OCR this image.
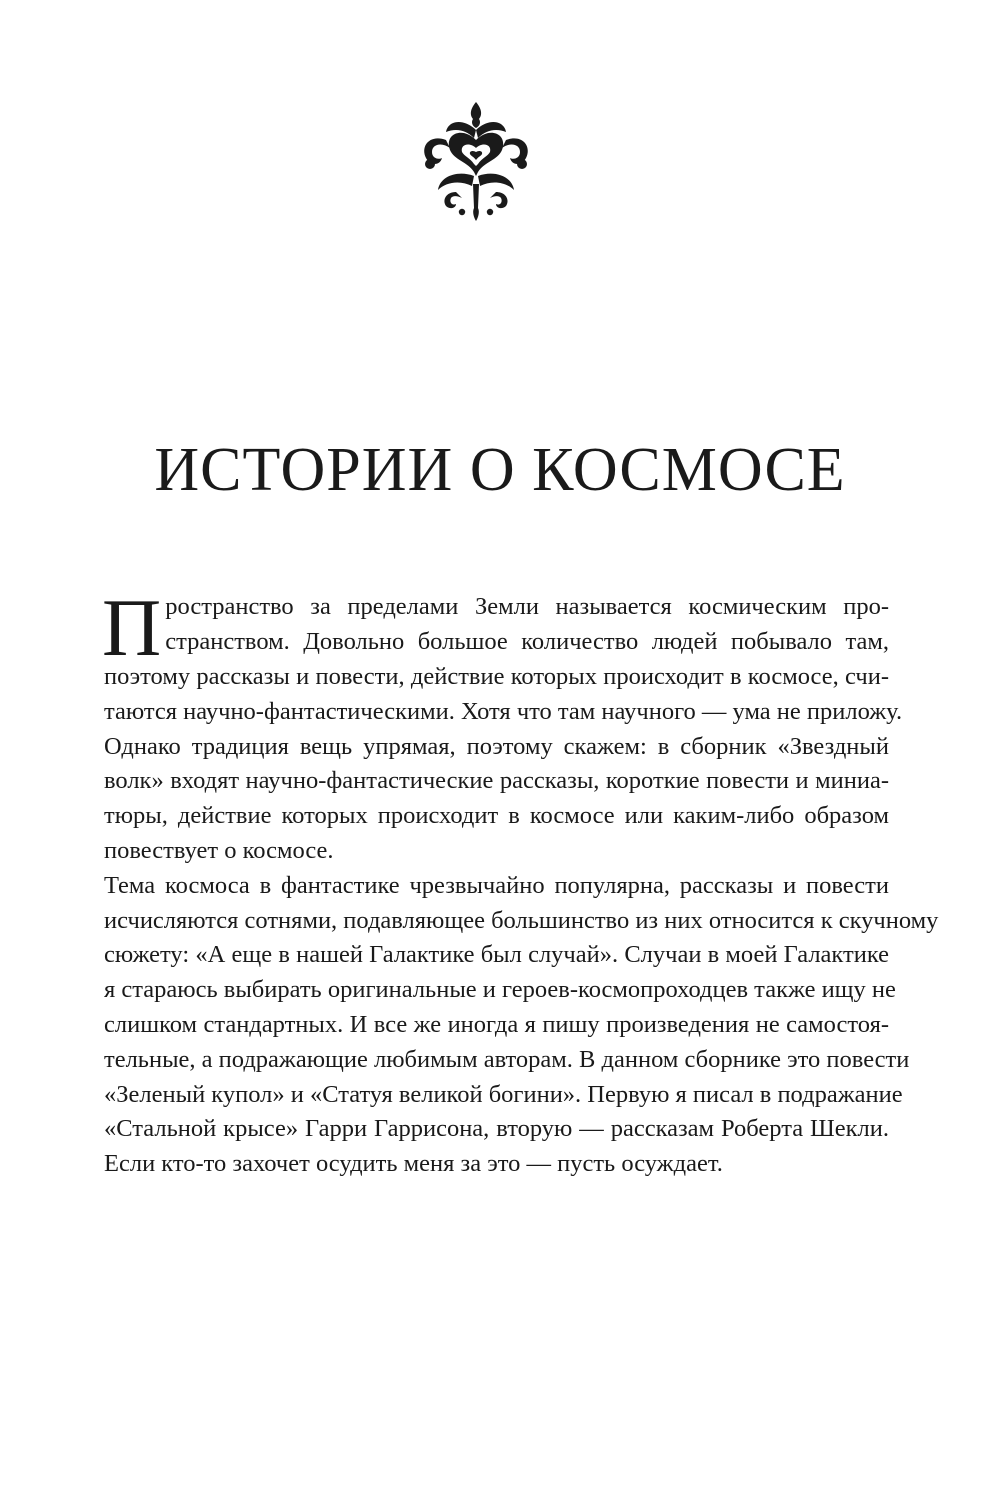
ИСТОРИИ О КОСМОСЕ

П ространство за пределами Земли называется космическим про-
странством. Довольно большое количество людей побывало там,
поэтому рассказы и повести, действие которых происходит в космосе, счи-
таются научно-фантастическими. Хотя что там научного — ума не приложу.
Однако традиция вещь упрямая, поэтому скажем: в сборник «Звездный
волк» входят научно-фантастические рассказы, короткие повести и миниа-
тюры, действие которых происходит в космосе или каким-либо образом
повествует о космосе.

Тема космоса в фантастике чрезвычайно популярна, рассказы и повести
исчисляются сотнями, подавляющее большинство из них относится к скучному
сюжету: «А еще в нашей Галактике был случай». Случаи в моей Галактике
я стараюсь выбирать оригинальные и героев-космопроходцев также ищу не
слишком стандартных. И все же иногда я пишу произведения не самостоя-
тельные, а подражающие любимым авторам. В данном сборнике это повести
«Зеленый купол» и «Статуя великой богини». Первую я писал в подражание
«Стальной крысе» Гарри Гаррисона, вторую — рассказам Роберта Шекли.
Если кто-то захочет осудить меня за это — пусть осуждает.
